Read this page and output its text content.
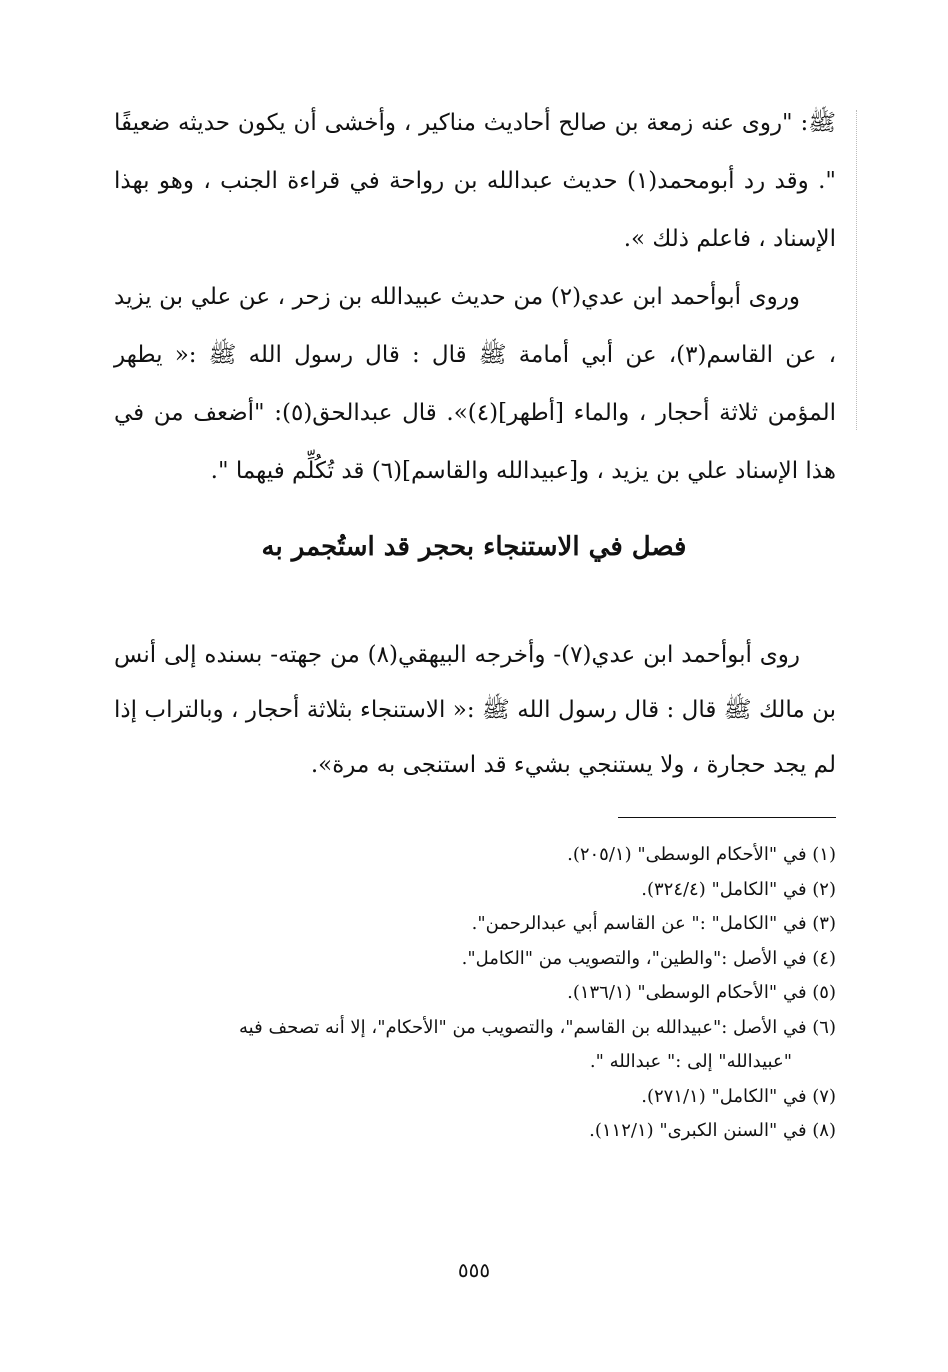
ﷺ: "روى عنه زمعة بن صالح أحاديث مناكير ، وأخشى أن يكون حديثه ضعيفًا ". وقد رد أبومحمد(١) حديث عبدالله بن رواحة في قراءة الجنب ، وهو بهذا الإسناد ، فاعلم ذلك ».

وروى أبوأحمد ابن عدي(٢) من حديث عبيدالله بن زحر ، عن علي بن يزيد ، عن القاسم(٣)، عن أبي أمامة ﷺ قال : قال رسول الله ﷺ :« يطهر المؤمن ثلاثة أحجار ، والماء [أطهر](٤)». قال عبدالحق(٥): "أضعف من في هذا الإسناد علي بن يزيد ، و[عبيدالله والقاسم](٦) قد تُكُلِّم فيهما ".

فصل في الاستنجاء بحجر قد استُجمر به

روى أبوأحمد ابن عدي(٧)- وأخرجه البيهقي(٨) من جهته- بسنده إلى أنس بن مالك ﷺ قال : قال رسول الله ﷺ :« الاستنجاء بثلاثة أحجار ، وبالتراب إذا لم يجد حجارة ، ولا يستنجي بشيء قد استنجى به مرة».

(١) في "الأحكام الوسطى" (٢٠٥/١).
(٢) في "الكامل" (٣٢٤/٤).
(٣) في "الكامل" :" عن القاسم أبي عبدالرحمن".
(٤) في الأصل :"والطين"، والتصويب من "الكامل".
(٥) في "الأحكام الوسطى" (١٣٦/١).
(٦) في الأصل :"عبيدالله بن القاسم"، والتصويب من "الأحكام"، إلا أنه تصحف فيه
"عبيدالله" إلى :" عبدالله ".
(٧) في "الكامل" (٢٧١/١).
(٨) في "السنن الكبرى" (١١٢/١).
٥٥٥
